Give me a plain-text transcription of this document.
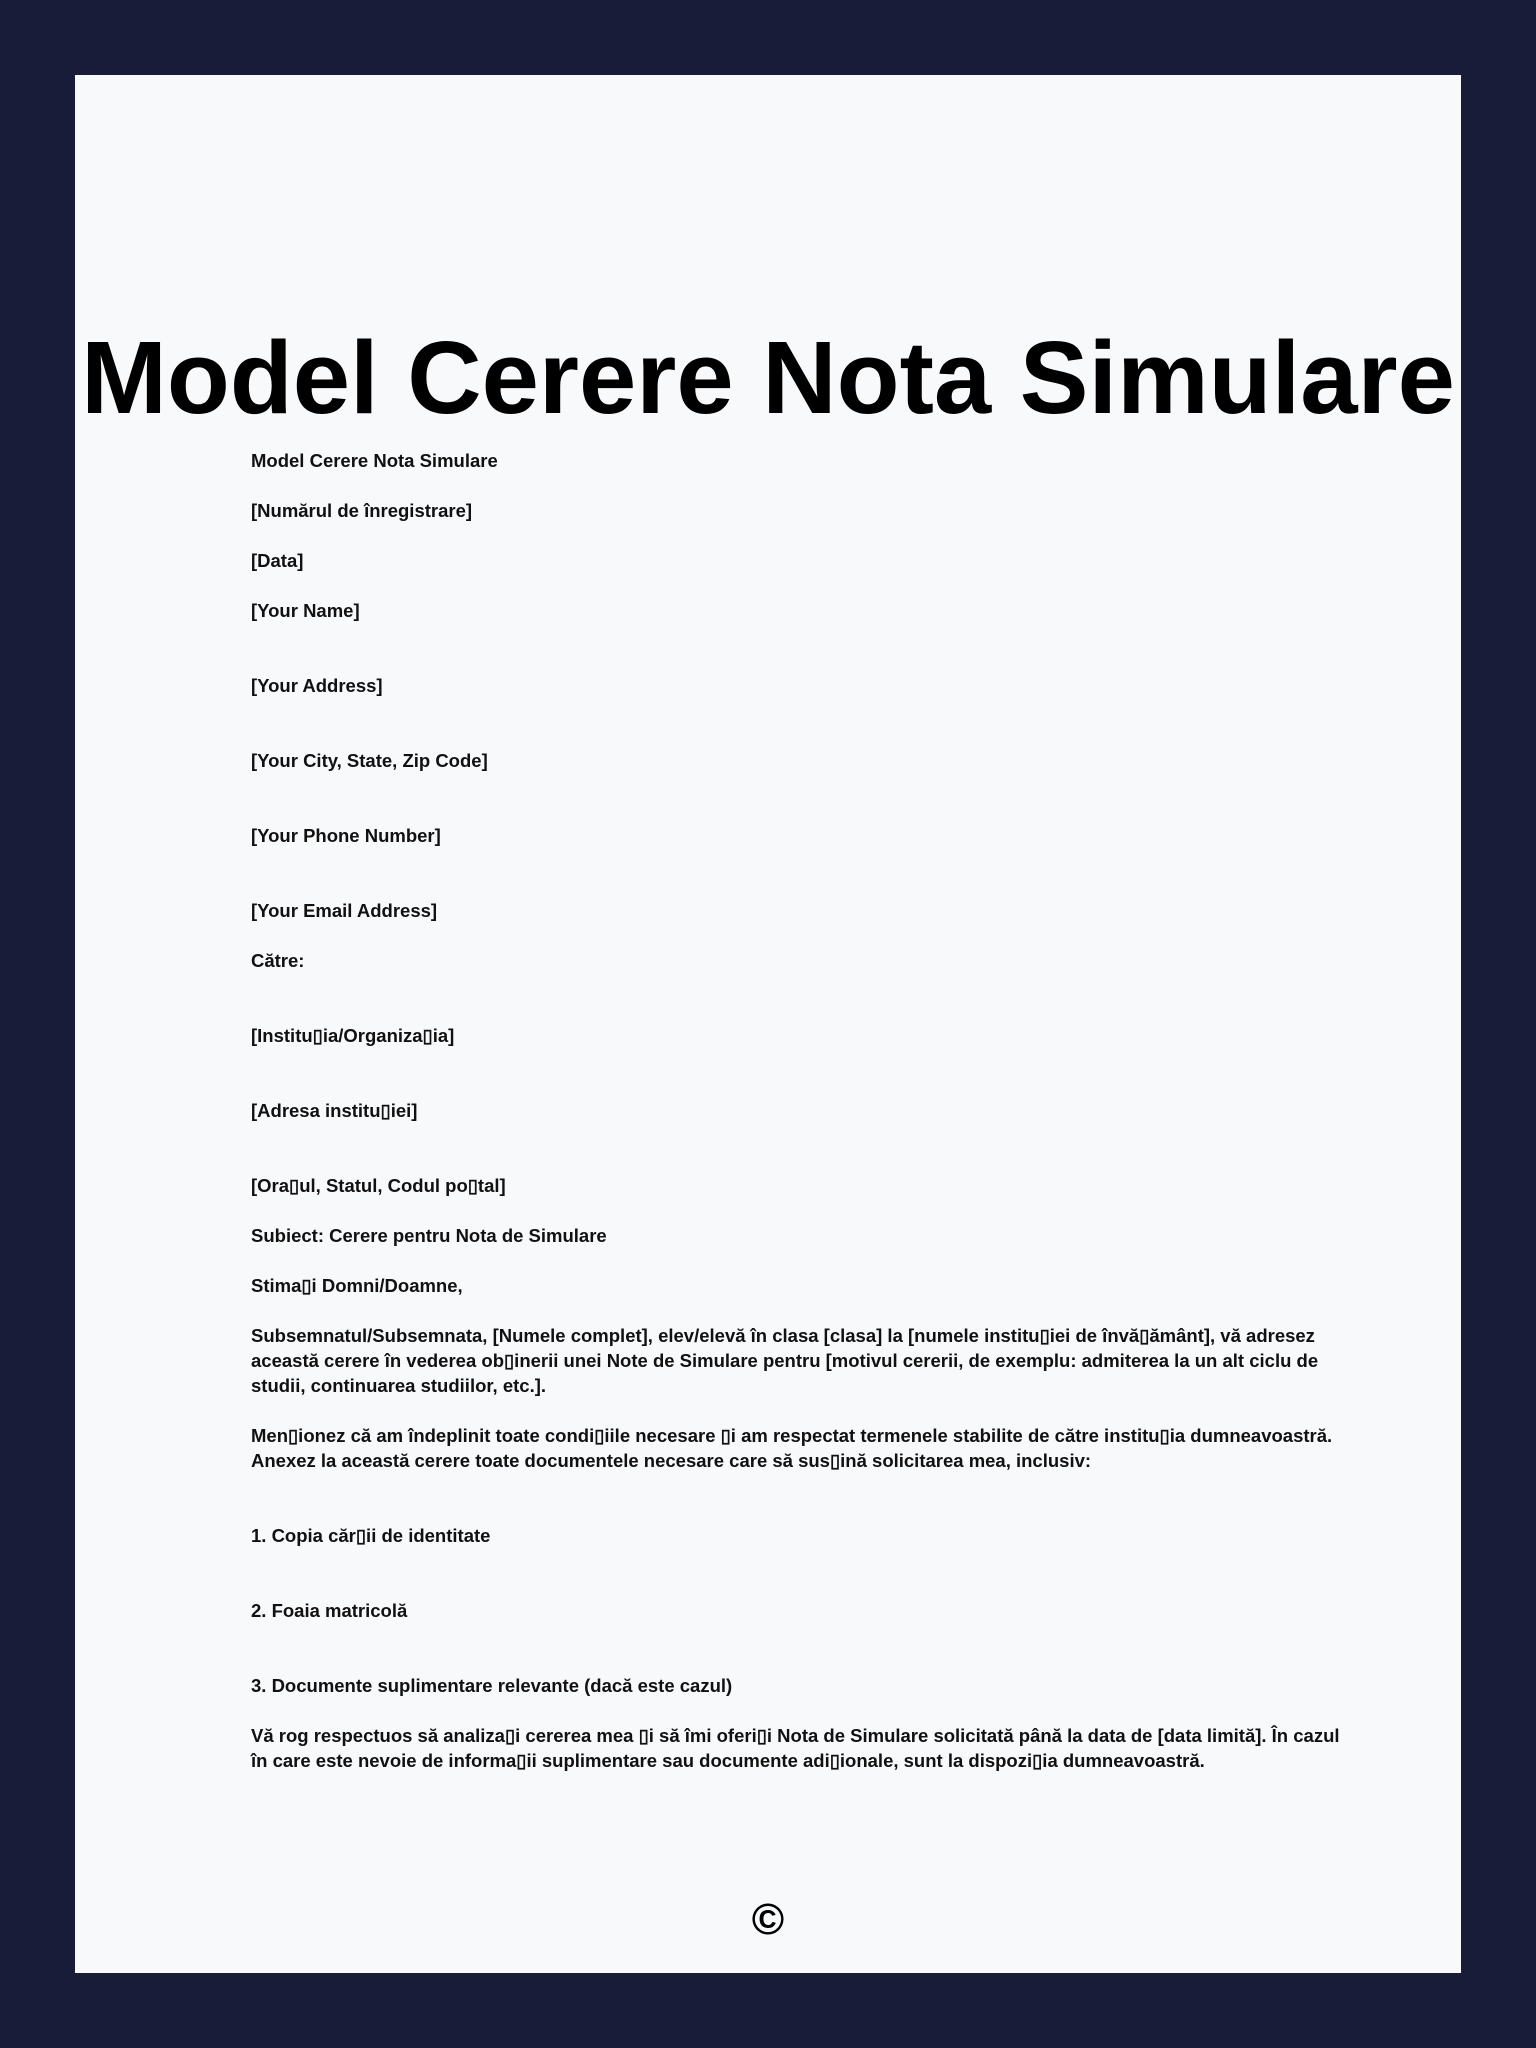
Model Cerere Nota Simulare

Model Cerere Nota Simulare

[Numărul de înregistrare]

[Data]

[Your Name]

[Your Address]

[Your City, State, Zip Code]

[Your Phone Number]

[Your Email Address]

Către:

[Institu▯ia/Organiza▯ia]

[Adresa institu▯iei]

[Ora▯ul, Statul, Codul po▯tal]

Subiect: Cerere pentru Nota de Simulare

Stima▯i Domni/Doamne,

Subsemnatul/Subsemnata, [Numele complet], elev/elevă în clasa [clasa] la [numele institu▯iei de învă▯ământ], vă adresez această cerere în vederea ob▯inerii unei Note de Simulare pentru [motivul cererii, de exemplu: admiterea la un alt ciclu de studii, continuarea studiilor, etc.].

Men▯ionez că am îndeplinit toate condi▯iile necesare ▯i am respectat termenele stabilite de către institu▯ia dumneavoastră. Anexez la această cerere toate documentele necesare care să sus▯ină solicitarea mea, inclusiv:

1. Copia căr▯ii de identitate

2. Foaia matricolă

3. Documente suplimentare relevante (dacă este cazul)

Vă rog respectuos să analiza▯i cererea mea ▯i să îmi oferi▯i Nota de Simulare solicitată până la data de [data limită]. În cazul în care este nevoie de informa▯ii suplimentare sau documente adi▯ionale, sunt la dispozi▯ia dumneavoastră.

©
